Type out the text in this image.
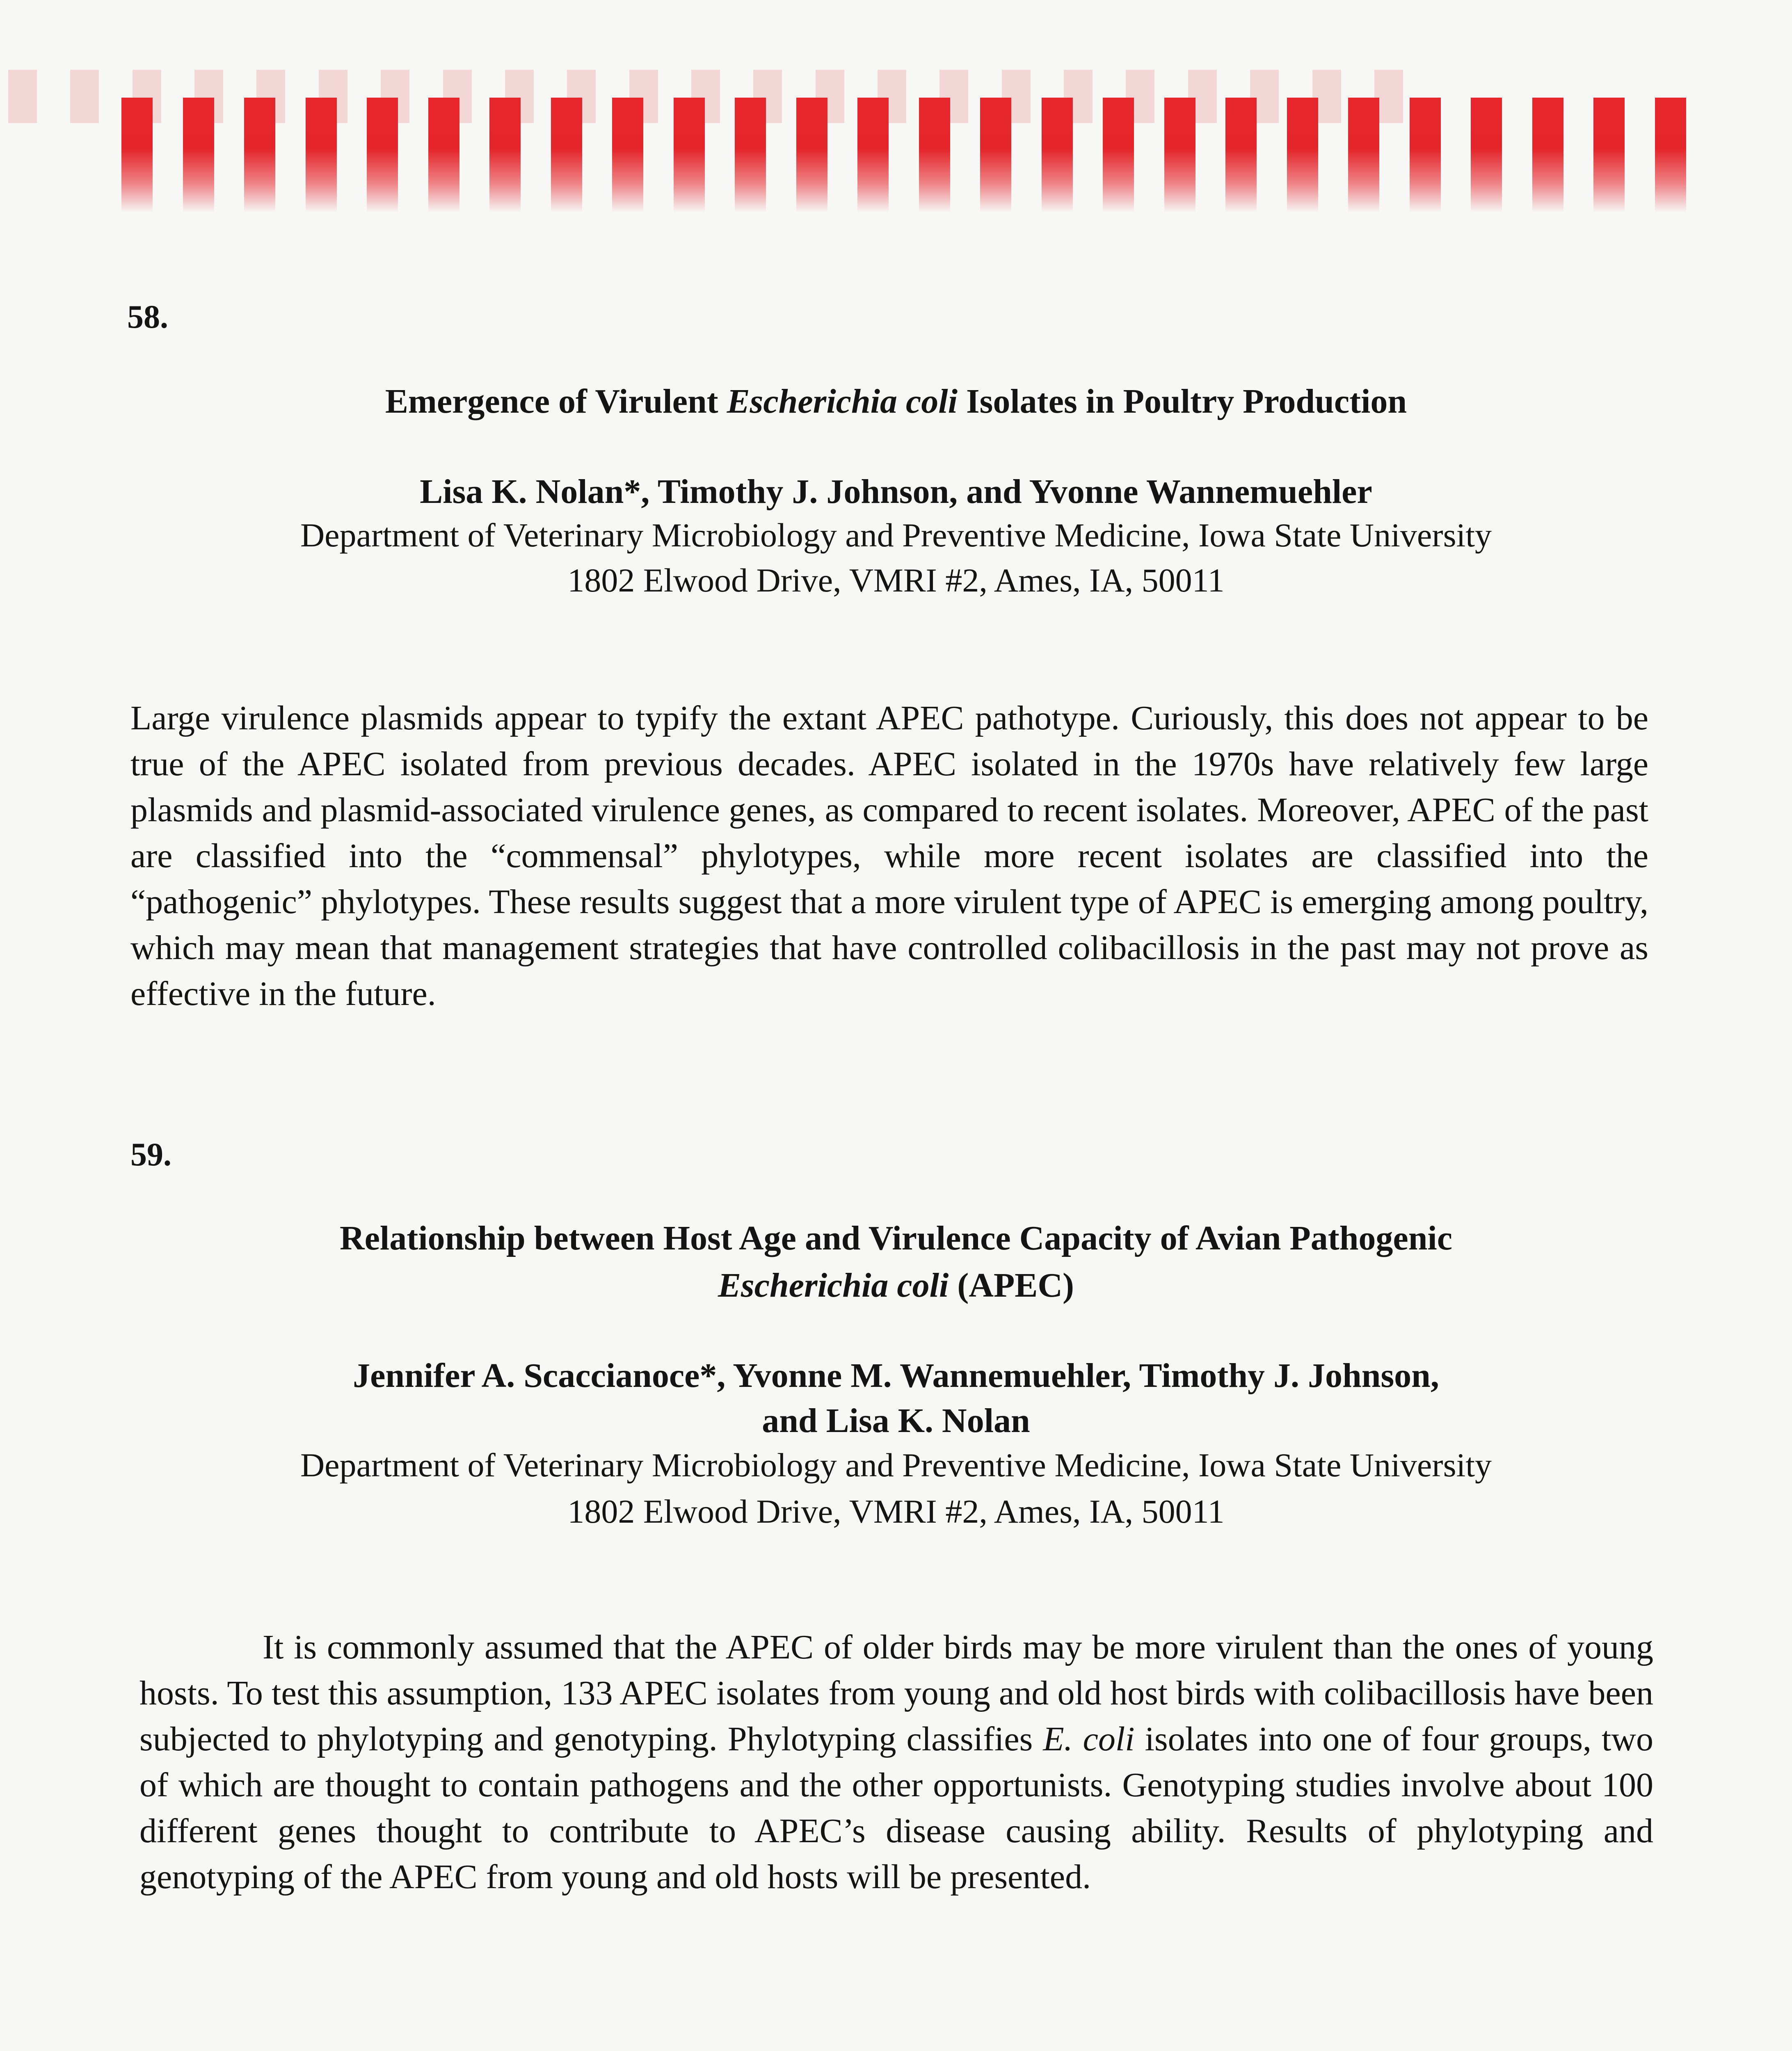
58.

Emergence of Virulent Escherichia coli Isolates in Poultry Production

Lisa K. Nolan*, Timothy J. Johnson, and Yvonne Wannemuehler

Department of Veterinary Microbiology and Preventive Medicine, Iowa State University

1802 Elwood Drive, VMRI #2, Ames, IA, 50011

Large virulence plasmids appear to typify the extant APEC pathotype. Curiously, this does not appear to be true of the APEC isolated from previous decades. APEC isolated in the 1970s have relatively few large plasmids and plasmid-associated virulence genes, as compared to recent isolates. Moreover, APEC of the past are classified into the “commensal” phylotypes, while more recent isolates are classified into the “pathogenic” phylotypes. These results suggest that a more virulent type of APEC is emerging among poultry, which may mean that management strategies that have controlled colibacillosis in the past may not prove as effective in the future.

59.

Relationship between Host Age and Virulence Capacity of Avian Pathogenic

Escherichia coli (APEC)

Jennifer A. Scaccianoce*, Yvonne M. Wannemuehler, Timothy J. Johnson,

and Lisa K. Nolan

Department of Veterinary Microbiology and Preventive Medicine, Iowa State University

1802 Elwood Drive, VMRI #2, Ames, IA, 50011

It is commonly assumed that the APEC of older birds may be more virulent than the ones of young hosts. To test this assumption, 133 APEC isolates from young and old host birds with colibacillosis have been subjected to phylotyping and genotyping. Phylotyping classifies E. coli isolates into one of four groups, two of which are thought to contain pathogens and the other opportunists. Genotyping studies involve about 100 different genes thought to contribute to APEC’s disease causing ability. Results of phylotyping and genotyping of the APEC from young and old hosts will be presented.
